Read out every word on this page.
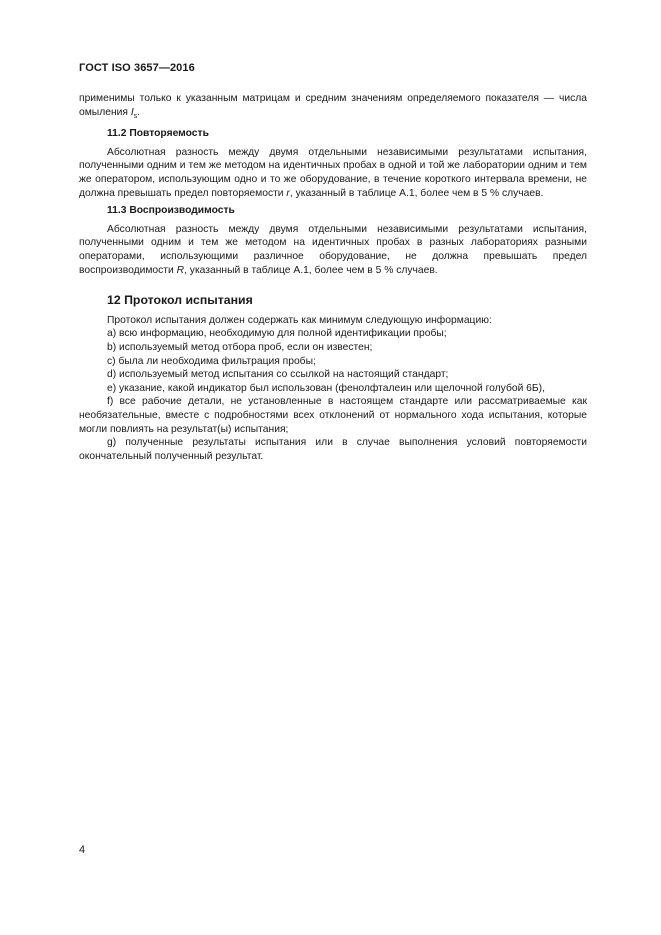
ГОСТ ISO 3657—2016

применимы только к указанным матрицам и средним значениям определяемого показателя — числа омыления $I_s$.

11.2 Повторяемость

Абсолютная разность между двумя отдельными независимыми результатами испытания, полученными одним и тем же методом на идентичных пробах в одной и той же лаборатории одним и тем же оператором, использующим одно и то же оборудование, в течение короткого интервала времени, не должна превышать предел повторяемости r, указанный в таблице A.1, более чем в 5 % случаев.

11.3 Воспроизводимость

Абсолютная разность между двумя отдельными независимыми результатами испытания, полученными одним и тем же методом на идентичных пробах в разных лабораториях разными операторами, использующими различное оборудование, не должна превышать предел воспроизводимости R, указанный в таблице A.1, более чем в 5 % случаев.

12 Протокол испытания

Протокол испытания должен содержать как минимум следующую информацию:

a) всю информацию, необходимую для полной идентификации пробы;

b) используемый метод отбора проб, если он известен;

c) была ли необходима фильтрация пробы;

d) используемый метод испытания со ссылкой на настоящий стандарт;

e) указание, какой индикатор был использован (фенолфталеин или щелочной голубой 6Б),

f) все рабочие детали, не установленные в настоящем стандарте или рассматриваемые как необязательные, вместе с подробностями всех отклонений от нормального хода испытания, которые могли повлиять на результат(ы) испытания;

g) полученные результаты испытания или в случае выполнения условий повторяемости окончательный полученный результат.

4
